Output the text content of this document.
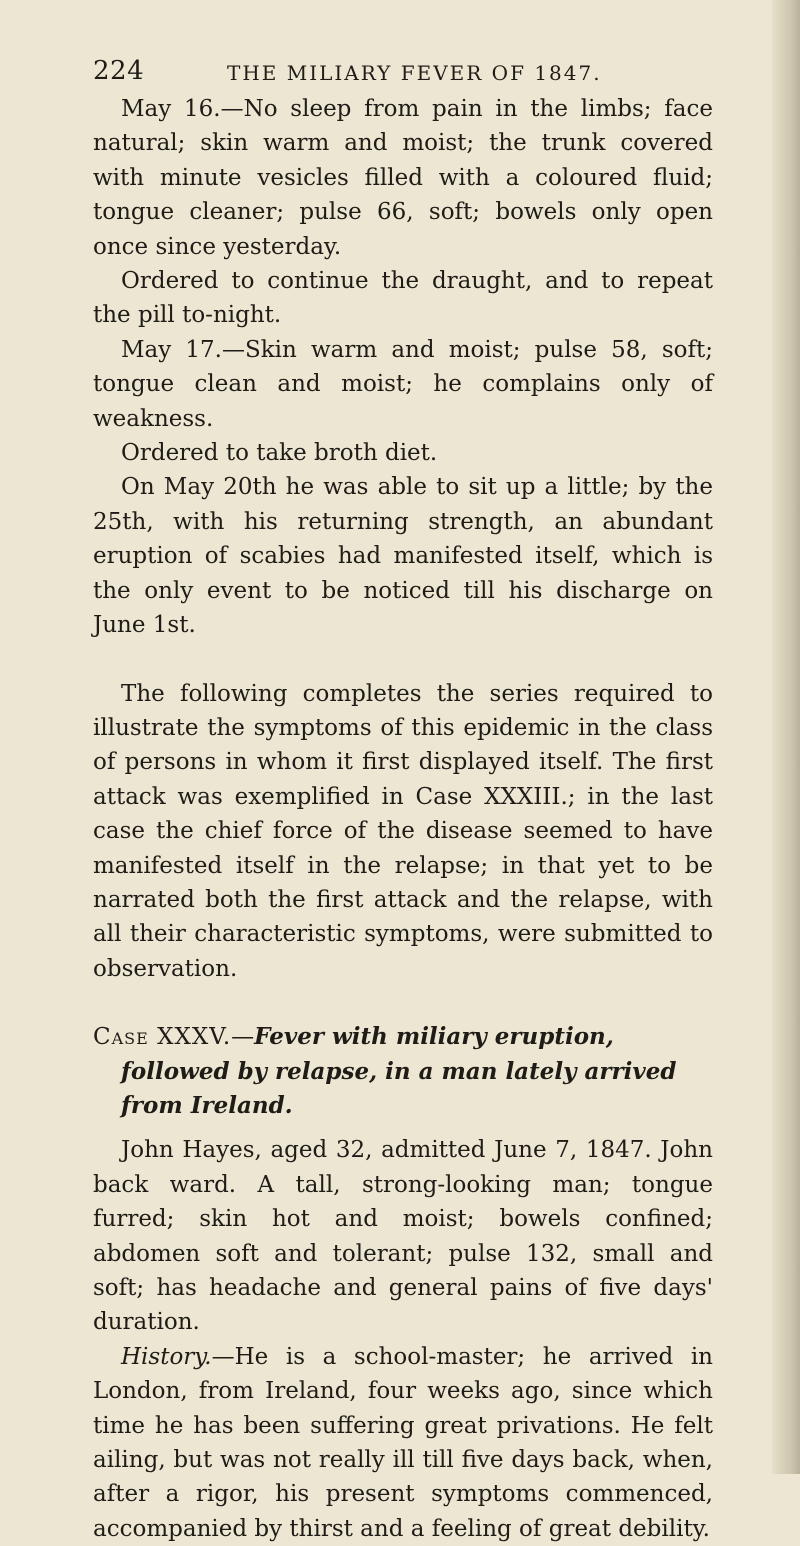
224	THE MILIARY FEVER OF 1847.

May 16.—No sleep from pain in the limbs; face natural; skin warm and moist; the trunk covered with minute vesicles filled with a coloured fluid; tongue cleaner; pulse 66, soft; bowels only open once since yesterday.

Ordered to continue the draught, and to repeat the pill to-night.

May 17.—Skin warm and moist; pulse 58, soft; tongue clean and moist; he complains only of weakness.

Ordered to take broth diet.

On May 20th he was able to sit up a little; by the 25th, with his returning strength, an abundant eruption of scabies had manifested itself, which is the only event to be noticed till his discharge on June 1st.

The following completes the series required to illustrate the symptoms of this epidemic in the class of persons in whom it first displayed itself. The first attack was exemplified in Case XXXIII.; in the last case the chief force of the disease seemed to have manifested itself in the relapse; in that yet to be narrated both the first attack and the relapse, with all their characteristic symptoms, were submitted to observation.

Case XXXV.—Fever with miliary eruption, followed by relapse, in a man lately arrived from Ireland.

John Hayes, aged 32, admitted June 7, 1847. John back ward. A tall, strong-looking man; tongue furred; skin hot and moist; bowels confined; abdomen soft and tolerant; pulse 132, small and soft; has headache and general pains of five days' duration.

History.—He is a school-master; he arrived in London, from Ireland, four weeks ago, since which time he has been suffering great privations. He felt ailing, but was not really ill till five days back, when, after a rigor, his present symptoms commenced, accompanied by thirst and a feeling of great debility.
